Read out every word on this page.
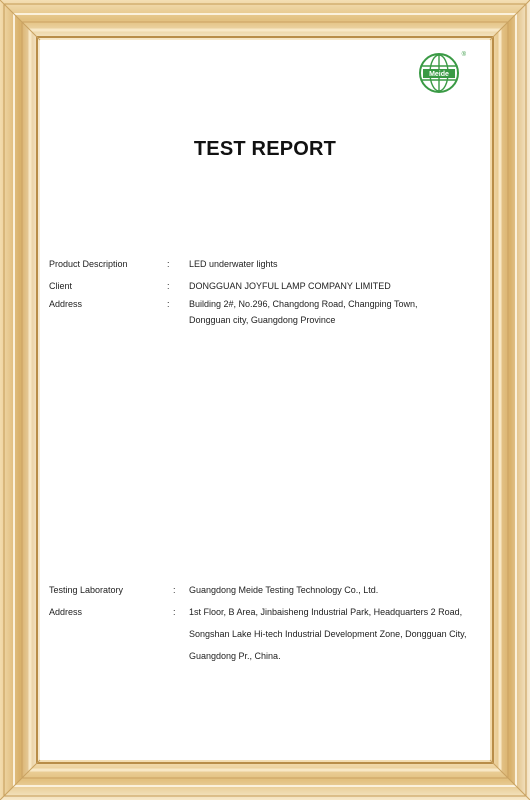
Meide
®
TEST REPORT
Product Description	:	LED underwater lights
Client	:	DONGGUAN JOYFUL LAMP COMPANY LIMITED
Address	:	Building 2#, No.296, Changdong Road, Changping Town,
Dongguan city, Guangdong Province
Testing Laboratory	:	Guangdong Meide Testing Technology Co., Ltd.
Address	:	1st Floor, B Area, Jinbaisheng Industrial Park, Headquarters 2 Road,
Songshan Lake Hi-tech Industrial Development Zone, Dongguan City,
Guangdong Pr., China.
